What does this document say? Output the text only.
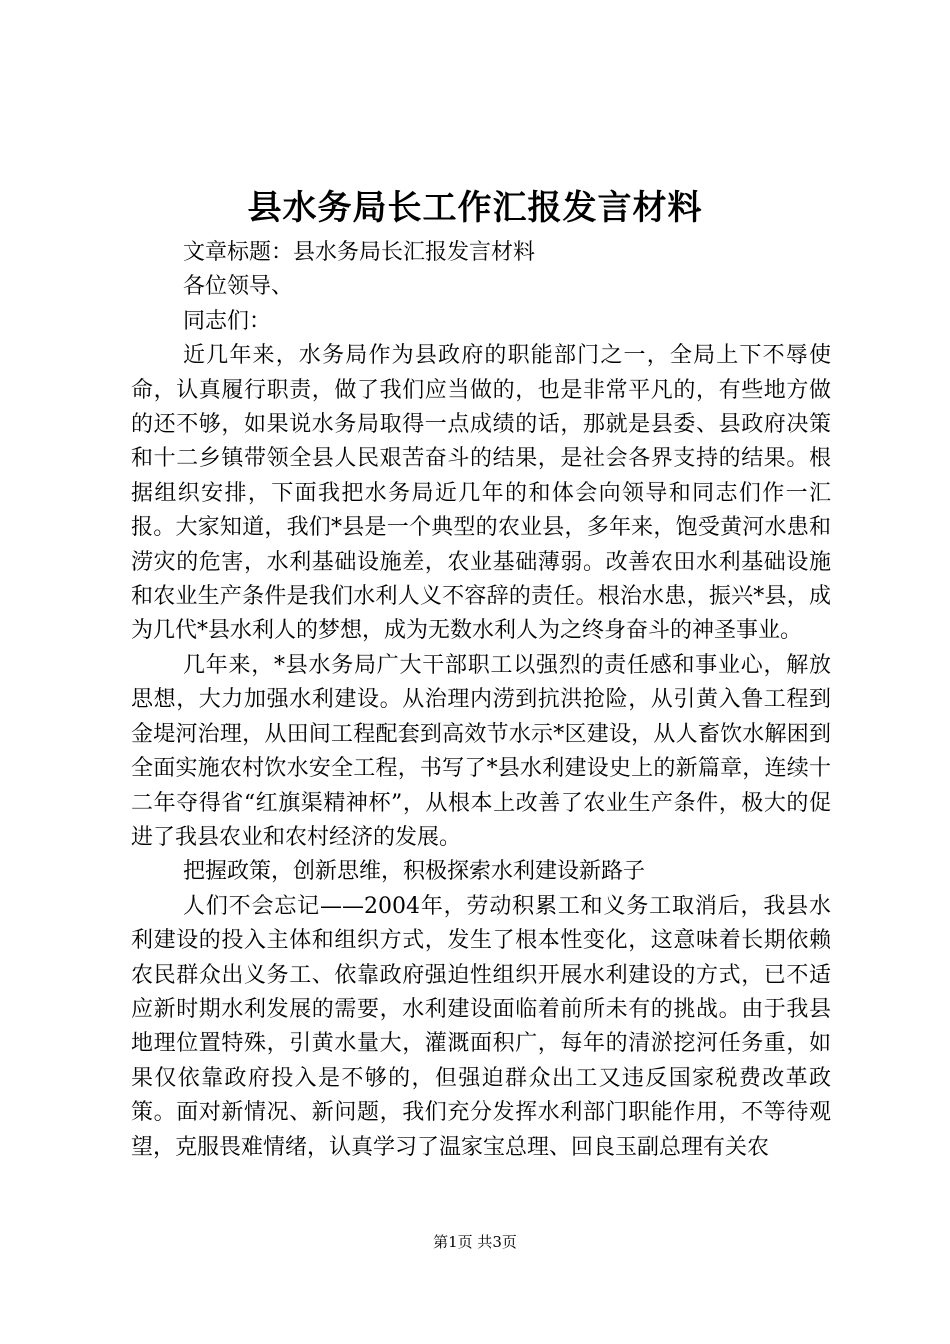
县水务局长工作汇报发言材料

文章标题：县水务局长汇报发言材料

各位领导、

同志们：

近几年来，水务局作为县政府的职能部门之一，全局上下不辱使命，认真履行职责，做了我们应当做的，也是非常平凡的，有些地方做的还不够，如果说水务局取得一点成绩的话，那就是县委、县政府决策和十二乡镇带领全县人民艰苦奋斗的结果，是社会各界支持的结果。根据组织安排，下面我把水务局近几年的和体会向领导和同志们作一汇报。大家知道，我们*县是一个典型的农业县，多年来，饱受黄河水患和涝灾的危害，水利基础设施差，农业基础薄弱。改善农田水利基础设施和农业生产条件是我们水利人义不容辞的责任。根治水患，振兴*县，成为几代*县水利人的梦想，成为无数水利人为之终身奋斗的神圣事业。

几年来，*县水务局广大干部职工以强烈的责任感和事业心，解放思想，大力加强水利建设。从治理内涝到抗洪抢险，从引黄入鲁工程到金堤河治理，从田间工程配套到高效节水示*区建设，从人畜饮水解困到全面实施农村饮水安全工程，书写了*县水利建设史上的新篇章，连续十二年夺得省“红旗渠精神杯”，从根本上改善了农业生产条件，极大的促进了我县农业和农村经济的发展。

把握政策，创新思维，积极探索水利建设新路子

人们不会忘记——2004年，劳动积累工和义务工取消后，我县水利建设的投入主体和组织方式，发生了根本性变化，这意味着长期依赖农民群众出义务工、依靠政府强迫性组织开展水利建设的方式，已不适应新时期水利发展的需要，水利建设面临着前所未有的挑战。由于我县地理位置特殊，引黄水量大，灌溉面积广，每年的清淤挖河任务重，如果仅依靠政府投入是不够的，但强迫群众出工又违反国家税费改革政策。面对新情况、新问题，我们充分发挥水利部门职能作用，不等待观望，克服畏难情绪，认真学习了温家宝总理、回良玉副总理有关农

第1页 共3页
